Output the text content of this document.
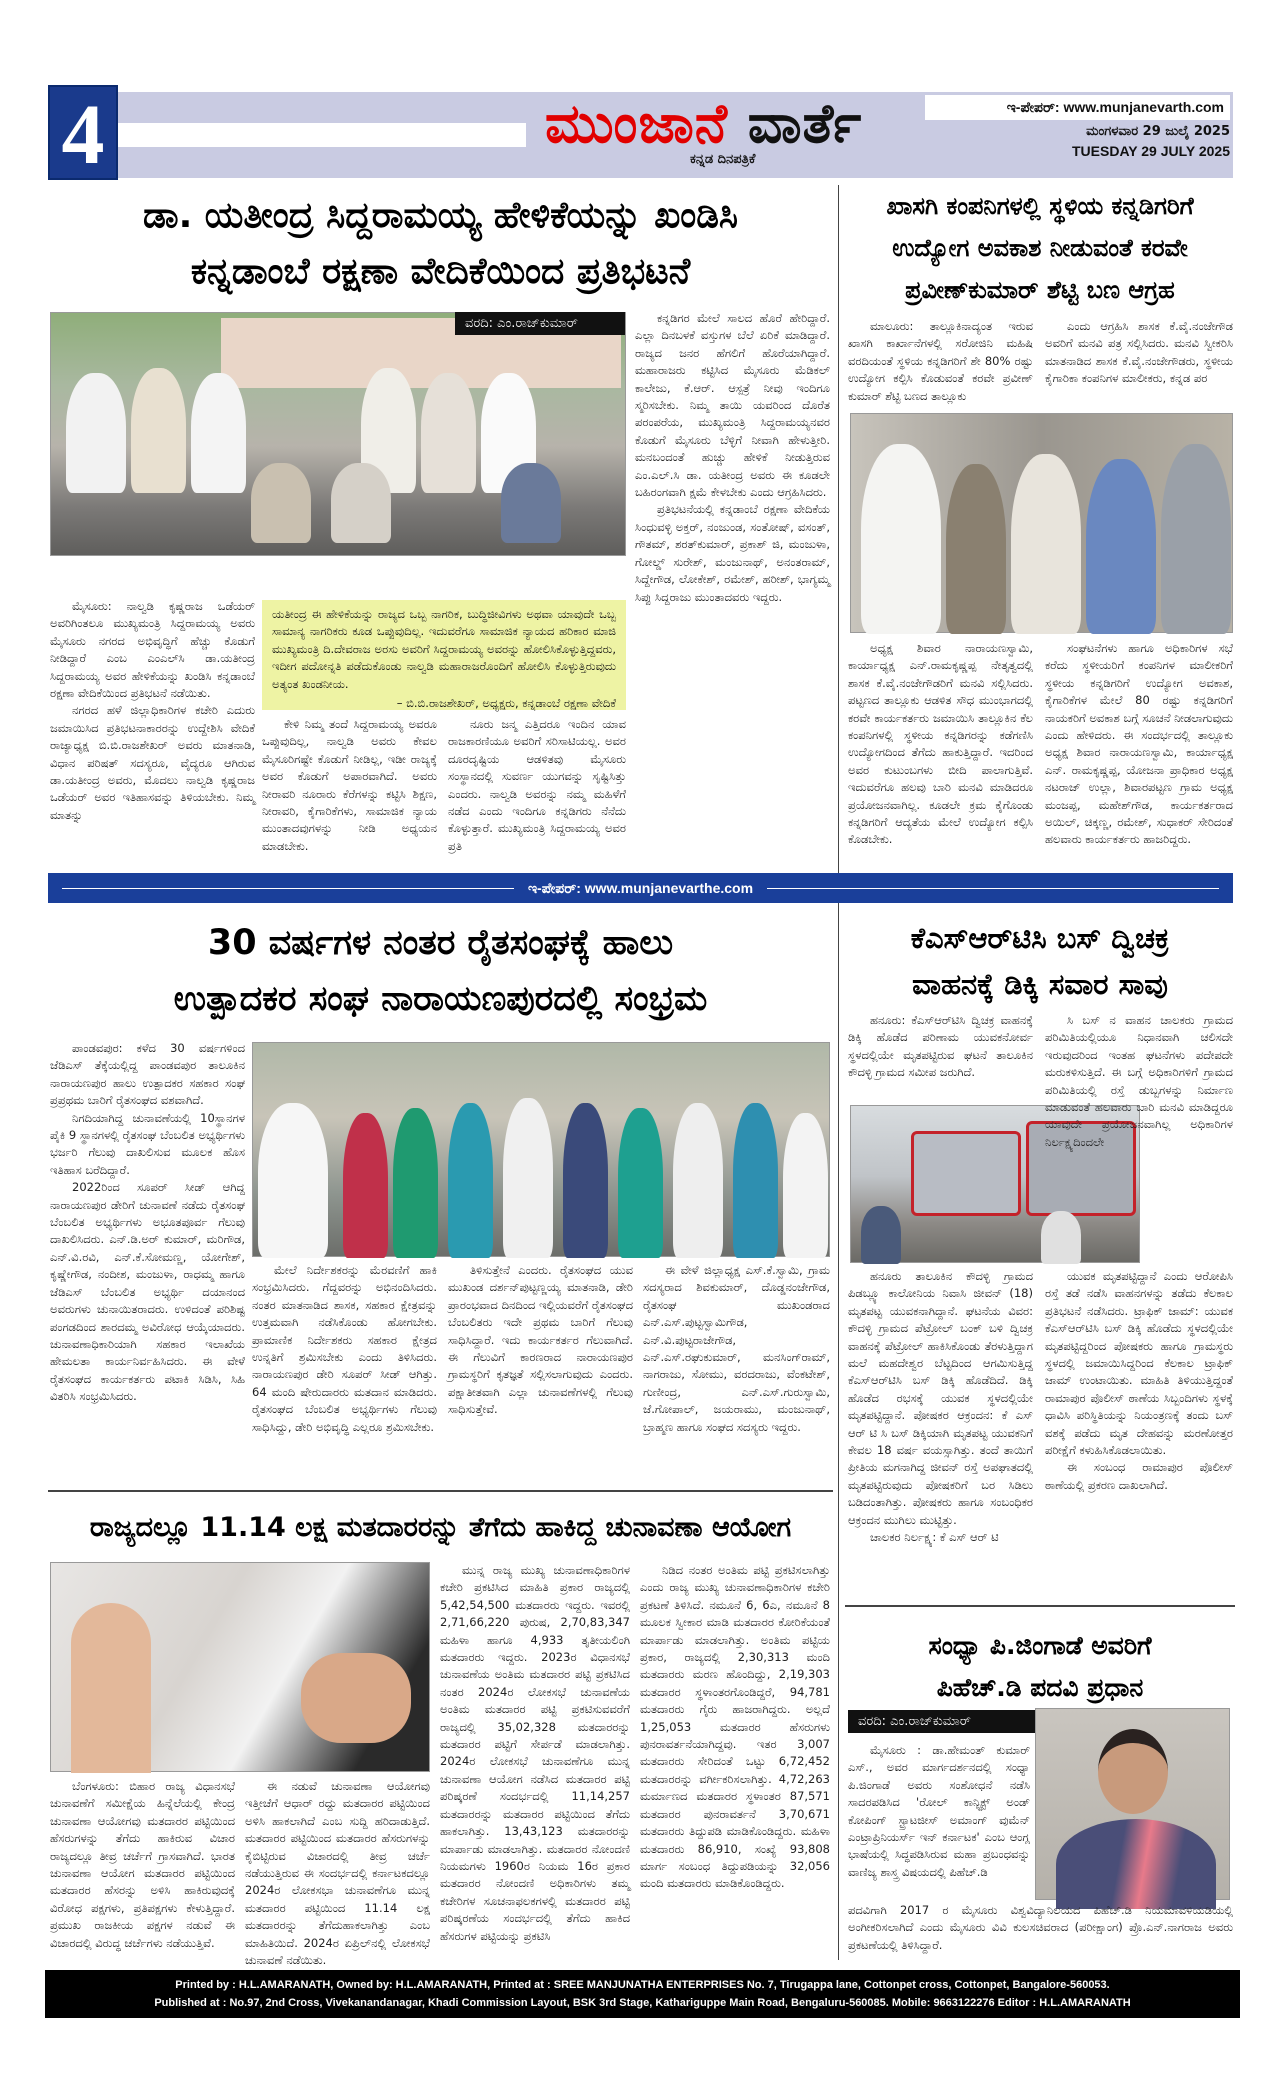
4	ಮುಂಜಾನೆ ವಾರ್ತೆ
ಕನ್ನಡ ದಿನಪತ್ರಿಕೆ
ಇ-ಪೇಪರ್: www.munjanevarth.com
ಮಂಗಳವಾರ 29 ಜುಲೈ 2025
TUESDAY 29 JULY 2025
ಡಾ. ಯತೀಂದ್ರ ಸಿದ್ದರಾಮಯ್ಯ ಹೇಳಿಕೆಯನ್ನು ಖಂಡಿಸಿ
ಕನ್ನಡಾಂಬೆ ರಕ್ಷಣಾ ವೇದಿಕೆಯಿಂದ ಪ್ರತಿಭಟನೆ
ವರದಿ: ಎಂ.ರಾಜ್‌ಕುಮಾರ್

ಮೈಸೂರು: ನಾಲ್ವಡಿ ಕೃಷ್ಣರಾಜ ಒಡೆಯರ್ ಅವರಿಗಿಂತಲೂ ಮುಖ್ಯಮಂತ್ರಿ ಸಿದ್ದರಾಮಯ್ಯ ಅವರು ಮೈಸೂರು ನಗರದ ಅಭಿವೃದ್ಧಿಗೆ ಹೆಚ್ಚು ಕೊಡುಗೆ ನೀಡಿದ್ದಾರೆ ಎಂಬ ಎಂಎಲ್‌ಸಿ ಡಾ.ಯತೀಂದ್ರ ಸಿದ್ದರಾಮಯ್ಯ ಅವರ ಹೇಳಿಕೆಯನ್ನು ಖಂಡಿಸಿ ಕನ್ನಡಾಂಬೆ ರಕ್ಷಣಾ ವೇದಿಕೆಯಿಂದ ಪ್ರತಿಭಟನೆ ನಡೆಯಿತು.

ನಗರದ ಹಳೆ ಜಿಲ್ಲಾಧಿಕಾರಿಗಳ ಕಚೇರಿ ಎದುರು ಜಮಾಯಿಸಿದ ಪ್ರತಿಭಟನಾಕಾರರನ್ನು ಉದ್ದೇಶಿಸಿ ವೇದಿಕೆ ರಾಜ್ಯಾಧ್ಯಕ್ಷ ಬಿ.ಬಿ.ರಾಜಶೇಖರ್ ಅವರು ಮಾತನಾಡಿ, ವಿಧಾನ ಪರಿಷತ್ ಸದಸ್ಯರೂ, ವೈದ್ಯರೂ ಆಗಿರುವ ಡಾ.ಯತೀಂದ್ರ ಅವರು, ಮೊದಲು ನಾಲ್ವಡಿ ಕೃಷ್ಣರಾಜ ಒಡೆಯರ್ ಅವರ ಇತಿಹಾಸವನ್ನು ತಿಳಿಯಬೇಕು. ನಿಮ್ಮ ಮಾತನ್ನು

ಯತೀಂದ್ರ ಈ ಹೇಳಿಕೆಯನ್ನು ರಾಜ್ಯದ ಒಬ್ಬ ನಾಗರಿಕ, ಬುದ್ಧಿಜೀವಿಗಳು ಅಥವಾ ಯಾವುದೇ ಒಬ್ಬ ಸಾಮಾನ್ಯ ನಾಗರಿಕರು ಕೂಡ ಒಪ್ಪುವುದಿಲ್ಲ. ಇದುವರೆಗೂ ಸಾಮಾಜಿಕ ನ್ಯಾಯದ ಹರಿಕಾರ ಮಾಜಿ ಮುಖ್ಯಮಂತ್ರಿ ದಿ.ದೇವರಾಜ ಅರಸು ಅವರಿಗೆ ಸಿದ್ದರಾಮಯ್ಯ ಅವರನ್ನು ಹೋಲಿಸಿಕೊಳ್ಳುತ್ತಿದ್ದವರು, ಇದೀಗ ಪದೋನ್ನತಿ ಪಡೆದುಕೊಂಡು ನಾಲ್ವಡಿ ಮಹಾರಾಜರೊಂದಿಗೆ ಹೋಲಿಸಿ ಕೊಳ್ಳುತ್ತಿರುವುದು ಅತ್ಯಂತ ಖಂಡನೀಯ.
– ಬಿ.ಬಿ.ರಾಜಶೇಖರ್, ಅಧ್ಯಕ್ಷರು, ಕನ್ನಡಾಂಬೆ ರಕ್ಷಣಾ ವೇದಿಕೆ

ಕೇಳಿ ನಿಮ್ಮ ತಂದೆ ಸಿದ್ದರಾಮಯ್ಯ ಅವರೂ ಒಪ್ಪುವುದಿಲ್ಲ, ನಾಲ್ವಡಿ ಅವರು ಕೇವಲ ಮೈಸೂರಿಗಷ್ಟೇ ಕೊಡುಗೆ ನೀಡಿಲ್ಲ, ಇಡೀ ರಾಜ್ಯಕ್ಕೆ ಅವರ ಕೊಡುಗೆ ಅಪಾರವಾಗಿದೆ. ಅವರು ನೀರಾವರಿ ನೂರಾರು ಕೆರೆಗಳನ್ನು ಕಟ್ಟಿಸಿ ಶಿಕ್ಷಣ, ನೀರಾವರಿ, ಕೈಗಾರಿಕೆಗಳು, ಸಾಮಾಜಿಕ ನ್ಯಾಯ ಮುಂತಾದವುಗಳನ್ನು ನೀಡಿ ಅಧ್ಯಯನ ಮಾಡಬೇಕು.

ನೂರು ಜನ್ಮ ಎತ್ತಿದರೂ ಇಂದಿನ ಯಾವ ರಾಜಕಾರಣಿಯೂ ಅವರಿಗೆ ಸರಿಸಾಟಿಯಲ್ಲ. ಅವರ ದೂರದೃಷ್ಟಿಯ ಆಡಳಿತವು ಮೈಸೂರು ಸಂಸ್ಥಾನದಲ್ಲಿ ಸುವರ್ಣ ಯುಗವನ್ನು ಸೃಷ್ಟಿಸಿತ್ತು ಎಂದರು. ನಾಲ್ವಡಿ ಅವರನ್ನು ನಮ್ಮ ಮಹಿಳೆಗೆ ನಡೆದ ಎಂದು ಇಂದಿಗೂ ಕನ್ನಡಿಗರು ನೆನೆದು ಕೊಳ್ಳುತ್ತಾರೆ. ಮುಖ್ಯಮಂತ್ರಿ ಸಿದ್ದರಾಮಯ್ಯ ಅವರ ಪ್ರತಿ

ಕನ್ನಡಿಗರ ಮೇಲೆ ಸಾಲದ ಹೊರೆ ಹೇರಿದ್ದಾರೆ. ಎಲ್ಲಾ ದಿನಬಳಕೆ ವಸ್ತುಗಳ ಬೆಲೆ ಏರಿಕೆ ಮಾಡಿದ್ದಾರೆ. ರಾಜ್ಯದ ಜನರ ಹೆಗಲಿಗೆ ಹೊರೆಯಾಗಿದ್ದಾರೆ. ಮಹಾರಾಜರು ಕಟ್ಟಿಸಿದ ಮೈಸೂರು ಮೆಡಿಕಲ್ ಕಾಲೇಜು, ಕೆ.ಆರ್. ಆಸ್ಪತ್ರೆ ನೀವು ಇಂದಿಗೂ ಸ್ಮರಿಸಬೇಕು. ನಿಮ್ಮ ತಾಯಿ ಯವರಿಂದ ದೊರೆತ ಪರಂಪರೆಯ, ಮುಖ್ಯಮಂತ್ರಿ ಸಿದ್ದರಾಮಯ್ಯನವರ ಕೊಡುಗೆ ಮೈಸೂರು ಬೆಳ್ಳಿಗೆ ನೀವಾಗಿ ಹೇಳುತ್ತೀರಿ. ಮನಬಂದಂತೆ ಹುಚ್ಚು ಹೇಳಿಕೆ ನೀಡುತ್ತಿರುವ ಎಂ.ಎಲ್.ಸಿ ಡಾ. ಯತೀಂದ್ರ ಅವರು ಈ ಕೂಡಲೇ ಬಹಿರಂಗವಾಗಿ ಕ್ಷಮೆ ಕೇಳಬೇಕು ಎಂದು ಆಗ್ರಹಿಸಿದರು.

ಪ್ರತಿಭಟನೆಯಲ್ಲಿ ಕನ್ನಡಾಂಬೆ ರಕ್ಷಣಾ ವೇದಿಕೆಯ ಸಿಂಧುವಳ್ಳಿ ಅಕ್ತರ್, ನಂಜುಂಡ, ಸಂತೋಷ್, ವಸಂತ್, ಗೌತಮ್, ಶರತ್‌ಕುಮಾರ್, ಪ್ರಕಾಶ್ ಜಿ, ಮಂಜುಳಾ, ಗೋಲ್ಡ್ ಸುರೇಶ್, ಮಂಜುನಾಥ್, ಅನಂತರಾಮ್, ಸಿದ್ದೇಗೌಡ, ಲೋಕೇಶ್, ರಮೇಶ್, ಹರೀಶ್, ಭಾಗ್ಯಮ್ಮ ಸಿಪ್ಪು ಸಿದ್ದರಾಜು ಮುಂತಾದವರು ಇದ್ದರು.

ಖಾಸಗಿ ಕಂಪನಿಗಳಲ್ಲಿ ಸ್ಥಳಿಯ ಕನ್ನಡಿಗರಿಗೆ
ಉದ್ಯೋಗ ಅವಕಾಶ ನೀಡುವಂತೆ ಕರವೇ
ಪ್ರವೀಣ್‌ಕುಮಾರ್ ಶೆಟ್ಟಿ ಬಣ ಆಗ್ರಹ

ಮಾಲೂರು: ತಾಲ್ಲೂಕಿನಾದ್ಯಂತ ಇರುವ ಖಾಸಗಿ ಕಾರ್ಖಾನೆಗಳಲ್ಲಿ ಸರೋಜಿನಿ ಮಹಿಷಿ ವರದಿಯಂತೆ ಸ್ಥಳಿಯ ಕನ್ನಡಿಗರಿಗೆ ಶೇ 80% ರಷ್ಟು ಉದ್ಯೋಗ ಕಲ್ಪಿಸಿ ಕೊಡುವಂತೆ ಕರವೇ ಪ್ರವೀಣ್ ಕುಮಾರ್ ಶೆಟ್ಟಿ ಬಣದ ತಾಲ್ಲೂಕು

ಎಂದು ಆಗ್ರಹಿಸಿ ಶಾಸಕ ಕೆ.ವೈ.ನಂಜೇಗೌಡ ಅವರಿಗೆ ಮನವಿ ಪತ್ರ ಸಲ್ಲಿಸಿದರು. ಮನವಿ ಸ್ವೀಕರಿಸಿ ಮಾತನಾಡಿದ ಶಾಸಕ ಕೆ.ವೈ.ನಂಜೇಗೌಡರು, ಸ್ಥಳೀಯ ಕೈಗಾರಿಕಾ ಕಂಪನಿಗಳ ಮಾಲೀಕರು, ಕನ್ನಡ ಪರ

ಅಧ್ಯಕ್ಷ ಶಿವಾರ ನಾರಾಯಣಸ್ವಾಮಿ, ಕಾರ್ಯಾಧ್ಯಕ್ಷ ಎನ್.ರಾಮಕೃಷ್ಣಪ್ಪ ನೇತೃತ್ವದಲ್ಲಿ ಶಾಸಕ ಕೆ.ವೈ.ನಂಜೇಗೌಡರಿಗೆ ಮನವಿ ಸಲ್ಲಿಸಿದರು. ಪಟ್ಟಣದ ತಾಲ್ಲೂಕು ಆಡಳಿತ ಸೌಧ ಮುಂಭಾಗದಲ್ಲಿ ಕರವೇ ಕಾರ್ಯಕರ್ತರು ಜಮಾಯಿಸಿ ತಾಲ್ಲೂಕಿನ ಕೆಲ ಕಂಪನಿಗಳಲ್ಲಿ ಸ್ಥಳೀಯ ಕನ್ನಡಿಗರನ್ನು ಕಡೆಗಣಿಸಿ ಉದ್ಯೋಗದಿಂದ ತೆಗೆದು ಹಾಕುತ್ತಿದ್ದಾರೆ. ಇದರಿಂದ ಅವರ ಕುಟುಂಬಗಳು ಬೀದಿ ಪಾಲಾಗುತ್ತಿವೆ. ಇದುವರೆಗೂ ಹಲವು ಬಾರಿ ಮನವಿ ಮಾಡಿದರೂ ಪ್ರಯೋಜನವಾಗಿಲ್ಲ. ಕೂಡಲೇ ಕ್ರಮ ಕೈಗೊಂಡು ಕನ್ನಡಿಗರಿಗೆ ಆದ್ಯತೆಯ ಮೇಲೆ ಉದ್ಯೋಗ ಕಲ್ಪಿಸಿ ಕೊಡಬೇಕು.

ಸಂಘಟನೆಗಳು ಹಾಗೂ ಅಧಿಕಾರಿಗಳ ಸಭೆ ಕರೆದು ಸ್ಥಳೀಯರಿಗೆ ಕಂಪನಿಗಳ ಮಾಲೀಕರಿಗೆ ಸ್ಥಳೀಯ ಕನ್ನಡಿಗರಿಗೆ ಉದ್ಯೋಗ ಅವಕಾಶ, ಕೈಗಾರಿಕೆಗಳ ಮೇಲೆ 80 ರಷ್ಟು ಕನ್ನಡಿಗರಿಗೆ ನಾಯಕರಿಗೆ ಅವಕಾಶ ಬಗ್ಗೆ ಸೂಚನೆ ನೀಡಲಾಗುವುದು ಎಂದು ಹೇಳಿದರು. ಈ ಸಂದರ್ಭದಲ್ಲಿ ತಾಲ್ಲೂಕು ಅಧ್ಯಕ್ಷ ಶಿವಾರ ನಾರಾಯಣಸ್ವಾಮಿ, ಕಾರ್ಯಾಧ್ಯಕ್ಷ ಎನ್. ರಾಮಕೃಷ್ಣಪ್ಪ, ಯೋಜನಾ ಪ್ರಾಧಿಕಾರ ಅಧ್ಯಕ್ಷ ನಟರಾಜ್ ಉಲ್ಲಾ, ಶಿವಾರಪಟ್ಟಣ ಗ್ರಾಮ ಅಧ್ಯಕ್ಷ ಮಂಜಪ್ಪ, ಮಹೇಶ್‌ಗೌಡ, ಕಾರ್ಯಕರ್ತರಾದ ಅಯಿಲ್, ಚಿಕ್ಕಣ್ಣ, ರಮೇಶ್, ಸುಧಾಕರ್ ಸೇರಿದಂತೆ ಹಲವಾರು ಕಾರ್ಯಕರ್ತರು ಹಾಜರಿದ್ದರು.

ಇ-ಪೇಪರ್: www.munjanevarthe.com
30 ವರ್ಷಗಳ ನಂತರ ರೈತಸಂಘಕ್ಕೆ ಹಾಲು
ಉತ್ಪಾದಕರ ಸಂಘ ನಾರಾಯಣಪುರದಲ್ಲಿ ಸಂಭ್ರಮ

ಪಾಂಡವಪುರ: ಕಳೆದ 30 ವರ್ಷಗಳಿಂದ ಜೆಡಿಎಸ್ ತೆಕ್ಕೆಯಲ್ಲಿದ್ದ ಪಾಂಡವಪುರ ತಾಲೂಕಿನ ನಾರಾಯಣಪುರ ಹಾಲು ಉತ್ಪಾದಕರ ಸಹಕಾರ ಸಂಘ ಪ್ರಪ್ರಥಮ ಬಾರಿಗೆ ರೈತಸಂಘದ ವಶವಾಗಿದೆ.

ನಿಗದಿಯಾಗಿದ್ದ ಚುನಾವಣೆಯಲ್ಲಿ 10ಸ್ಥಾನಗಳ ಪೈಕಿ 9 ಸ್ಥಾನಗಳಲ್ಲಿ ರೈತಸಂಘ ಬೆಂಬಲಿತ ಅಭ್ಯರ್ಥಿಗಳು ಭರ್ಜರಿ ಗೆಲುವು ದಾಖಲಿಸುವ ಮೂಲಕ ಹೊಸ ಇತಿಹಾಸ ಬರೆದಿದ್ದಾರೆ.

2022ರಿಂದ ಸೂಪರ್ ಸೀಡ್ ಆಗಿದ್ದ ನಾರಾಯಣಪುರ ಡೇರಿಗೆ ಚುನಾವಣೆ ನಡೆದು ರೈತಸಂಘ ಬೆಂಬಲಿತ ಅಭ್ಯರ್ಥಿಗಳು ಅಭೂತಪೂರ್ವ ಗೆಲುವು ದಾಖಲಿಸಿದರು. ಎನ್.ಡಿ.ಅರ್ ಕುಮಾರ್, ಮರಿಗೌಡ, ಎನ್.ವಿ.ರವಿ, ಎನ್.ಕೆ.ಸೋಮಣ್ಣ, ಯೋಗೇಶ್, ಕೃಷ್ಣೇಗೌಡ, ನಂದೀಶ, ಮಂಜುಳಾ, ರಾಧಮ್ಮ ಹಾಗೂ ಜೆಡಿಎಸ್ ಬೆಂಬಲಿತ ಅಭ್ಯರ್ಥಿ ದಯಾನಂದ ಅವರುಗಳು ಚುನಾಯಿತರಾದರು. ಉಳಿದಂತೆ ಪರಿಶಿಷ್ಟ ಪಂಗಡದಿಂದ ಶಾರದಮ್ಮ ಅವಿರೋಧ ಆಯ್ಕೆಯಾದರು. ಚುನಾವಣಾಧಿಕಾರಿಯಾಗಿ ಸಹಕಾರ ಇಲಾಖೆಯ ಹೇಮಲತಾ ಕಾರ್ಯನಿರ್ವಹಿಸಿದರು. ಈ ವೇಳೆ ರೈತಸಂಘದ ಕಾರ್ಯಕರ್ತರು ಪಟಾಕಿ ಸಿಡಿಸಿ, ಸಿಹಿ ವಿತರಿಸಿ ಸಂಭ್ರಮಿಸಿದರು.

ಮೇಲೆ ನಿರ್ದೇಶಕರನ್ನು ಮೆರವಣಿಗೆ ಹಾಕಿ ಸಂಭ್ರಮಿಸಿದರು. ಗೆದ್ದವರನ್ನು ಅಭಿನಂದಿಸಿದರು. ನಂತರ ಮಾತನಾಡಿದ ಶಾಸಕ, ಸಹಕಾರ ಕ್ಷೇತ್ರವನ್ನು ಉತ್ತಮವಾಗಿ ನಡೆಸಿಕೊಂಡು ಹೋಗಬೇಕು. ಪ್ರಾಮಾಣಿಕ ನಿರ್ದೇಶಕರು ಸಹಕಾರ ಕ್ಷೇತ್ರದ ಉನ್ನತಿಗೆ ಶ್ರಮಿಸಬೇಕು ಎಂದು ತಿಳಿಸಿದರು. ನಾರಾಯಣಪುರ ಡೇರಿ ಸೂಪರ್ ಸೀಡ್ ಆಗಿತ್ತು. 64 ಮಂದಿ ಷೇರುದಾರರು ಮತದಾನ ಮಾಡಿದರು. ರೈತಸಂಘದ ಬೆಂಬಲಿತ ಅಭ್ಯರ್ಥಿಗಳು ಗೆಲುವು ಸಾಧಿಸಿದ್ದು, ಡೇರಿ ಅಭಿವೃದ್ಧಿ ಎಲ್ಲರೂ ಶ್ರಮಿಸಬೇಕು.

ತಿಳಿಸುತ್ತೇನೆ ಎಂದರು. ರೈತಸಂಘದ ಯುವ ಮುಖಂಡ ದರ್ಶನ್‌ಪುಟ್ಟಣ್ಣಯ್ಯ ಮಾತನಾಡಿ, ಡೇರಿ ಪ್ರಾರಂಭವಾದ ದಿನದಿಂದ ಇಲ್ಲಿಯವರೆಗೆ ರೈತಸಂಘದ ಬೆಂಬಲಿತರು ಇದೇ ಪ್ರಥಮ ಬಾರಿಗೆ ಗೆಲುವು ಸಾಧಿಸಿದ್ದಾರೆ. ಇದು ಕಾರ್ಯಕರ್ತರ ಗೆಲುವಾಗಿದೆ. ಈ ಗೆಲುವಿಗೆ ಕಾರಣರಾದ ನಾರಾಯಣಪುರ ಗ್ರಾಮಸ್ಥರಿಗೆ ಕೃತಜ್ಞತೆ ಸಲ್ಲಿಸಲಾಗುವುದು ಎಂದರು. ಪಕ್ಷಾತೀತವಾಗಿ ಎಲ್ಲಾ ಚುನಾವಣೆಗಳಲ್ಲಿ ಗೆಲುವು ಸಾಧಿಸುತ್ತೇವೆ.

ಈ ವೇಳೆ ಜಿಲ್ಲಾಧ್ಯಕ್ಷ ಎಸ್.ಕೆ.ಸ್ವಾಮಿ, ಗ್ರಾಮ ಸದಸ್ಯರಾದ ಶಿವಕುಮಾರ್, ದೊಡ್ಡನಂಜೇಗೌಡ, ರೈತಸಂಘ ಮುಖಂಡರಾದ ಎನ್.ಎಸ್.ಪುಟ್ಟಸ್ವಾಮಿಗೌಡ, ಎನ್.ವಿ.ಪುಟ್ಟರಾಜೇಗೌಡ, ಎನ್.ಎಸ್.ರಘುಕುಮಾರ್, ಮನಸಿಂಗ್‌ರಾಮ್, ನಾಗರಾಜು, ಸೋಮು, ವರದರಾಜು, ವೆಂಕಟೇಶ್, ಗುಣೀಂದ್ರ, ಎನ್.ಎಸ್.ಗುರುಸ್ವಾಮಿ, ಜೆ.ಗೋಪಾಲ್, ಜಯರಾಮು, ಮಂಜುನಾಥ್, ಬ್ರಾಹ್ಮಣ ಹಾಗೂ ಸಂಘದ ಸದಸ್ಯರು ಇದ್ದರು.

ಕೆಎಸ್‌ಆರ್‌ಟಿಸಿ ಬಸ್ ದ್ವಿಚಕ್ರ
ವಾಹನಕ್ಕೆ ಡಿಕ್ಕಿ ಸವಾರ ಸಾವು

ಹನೂರು: ಕೆಎಸ್‌ಆರ್‌ಟಿಸಿ ದ್ವಿಚಕ್ರ ವಾಹನಕ್ಕೆ ಡಿಕ್ಕಿ ಹೊಡೆದ ಪರಿಣಾಮ ಯುವಕನೋರ್ವ ಸ್ಥಳದಲ್ಲಿಯೇ ಮೃತಪಟ್ಟಿರುವ ಘಟನೆ ತಾಲೂಕಿನ ಕೌದಳ್ಳಿ ಗ್ರಾಮದ ಸಮೀಪ ಜರುಗಿದೆ.

ಸಿ ಬಸ್ ನ ವಾಹನ ಚಾಲಕರು ಗ್ರಾಮದ ಪರಿಮಿತಿಯಲ್ಲಿಯೂ ನಿಧಾನವಾಗಿ ಚಲಿಸದೇ ಇರುವುದರಿಂದ ಇಂತಹ ಘಟನೆಗಳು ಪದೇಪದೇ ಮರುಕಳಿಸುತ್ತಿದೆ. ಈ ಬಗ್ಗೆ ಅಧಿಕಾರಿಗಳಿಗೆ ಗ್ರಾಮದ ಪರಿಮಿತಿಯಲ್ಲಿ ರಸ್ತೆ ಡುಬ್ಬಗಳನ್ನು ನಿರ್ಮಾಣ ಮಾಡುವಂತೆ ಹಲವಾರು ಬಾರಿ ಮನವಿ ಮಾಡಿದ್ದರೂ ಯಾವುದೇ ಪ್ರಯೋಜನವಾಗಿಲ್ಲ ಅಧಿಕಾರಿಗಳ ನಿರ್ಲಕ್ಷ್ಯದಿಂದಲೇ

ಹನೂರು ತಾಲೂಕಿನ ಕೌದಳ್ಳಿ ಗ್ರಾಮದ ಪಿಡಬ್ಲ್ಯೂ ಕಾಲೋನಿಯ ನಿವಾಸಿ ಜೀವನ್ (18) ಮೃತಪಟ್ಟ ಯುವಕನಾಗಿದ್ದಾನೆ. ಘಟನೆಯ ವಿವರ: ಕೌದಳ್ಳಿ ಗ್ರಾಮದ ಪೆಟ್ರೋಲ್ ಬಂಕ್ ಬಳಿ ದ್ವಿಚಕ್ರ ವಾಹನಕ್ಕೆ ಪೆಟ್ರೋಲ್ ಹಾಕಿಸಿಕೊಂಡು ತೆರಳುತ್ತಿದ್ದಾಗ ಮಲೆ ಮಹದೇಶ್ವರ ಬೆಟ್ಟದಿಂದ ಆಗಮಿಸುತ್ತಿದ್ದ ಕೆಎಸ್‌ಆರ್‌ಟಿಸಿ ಬಸ್ ಡಿಕ್ಕಿ ಹೊಡೆದಿದೆ. ಡಿಕ್ಕಿ ಹೊಡೆದ ರಭಸಕ್ಕೆ ಯುವಕ ಸ್ಥಳದಲ್ಲಿಯೇ ಮೃತಪಟ್ಟಿದ್ದಾನೆ. ಪೋಷಕರ ಆಕ್ರಂದನ: ಕೆ ಎಸ್ ಆರ್ ಟಿ ಸಿ ಬಸ್ ಡಿಕ್ಕಿಯಾಗಿ ಮೃತಪಟ್ಟ ಯುವಕನಿಗೆ ಕೇವಲ 18 ವರ್ಷ ವಯಸ್ಸಾಗಿತ್ತು. ತಂದೆ ತಾಯಿಗೆ ಪ್ರೀತಿಯ ಮಗನಾಗಿದ್ದ ಜೀವನ್ ರಸ್ತೆ ಅಪಘಾತದಲ್ಲಿ ಮೃತಪಟ್ಟಿರುವುದು ಪೋಷಕರಿಗೆ ಬರ ಸಿಡಿಲು ಬಡಿದಂತಾಗಿತ್ತು. ಪೋಷಕರು ಹಾಗೂ ಸಂಬಂಧಿಕರ ಆಕ್ರಂದನ ಮುಗಿಲು ಮುಟ್ಟಿತ್ತು.

ಚಾಲಕರ ನಿರ್ಲಕ್ಷ್ಯ: ಕೆ ಎಸ್ ಆರ್ ಟಿ

ಯುವಕ ಮೃತಪಟ್ಟಿದ್ದಾನೆ ಎಂದು ಆರೋಪಿಸಿ ರಸ್ತೆ ತಡೆ ನಡೆಸಿ ವಾಹನಗಳನ್ನು ತಡೆದು ಕೆಲಕಾಲ ಪ್ರತಿಭಟನೆ ನಡೆಸಿದರು. ಟ್ರಾಫಿಕ್ ಜಾಮ್: ಯುವಕ ಕೆಎಸ್‌ಆರ್‌ಟಿಸಿ ಬಸ್ ಡಿಕ್ಕಿ ಹೊಡೆದು ಸ್ಥಳದಲ್ಲಿಯೇ ಮೃತಪಟ್ಟಿದ್ದರಿಂದ ಪೋಷಕರು ಹಾಗೂ ಗ್ರಾಮಸ್ಥರು ಸ್ಥಳದಲ್ಲಿ ಜಮಾಯಿಸಿದ್ದರಿಂದ ಕೆಲಕಾಲ ಟ್ರಾಫಿಕ್ ಜಾಮ್ ಉಂಟಾಯಿತು. ಮಾಹಿತಿ ತಿಳಿಯುತ್ತಿದ್ದಂತೆ ರಾಮಾಪುರ ಪೊಲೀಸ್ ಠಾಣೆಯ ಸಿಬ್ಬಂದಿಗಳು ಸ್ಥಳಕ್ಕೆ ಧಾವಿಸಿ ಪರಿಸ್ಥಿತಿಯನ್ನು ನಿಯಂತ್ರಣಕ್ಕೆ ತಂದು ಬಸ್ ವಶಕ್ಕೆ ಪಡೆದು ಮೃತ ದೇಹವನ್ನು ಮರಣೋತ್ತರ ಪರೀಕ್ಷೆಗೆ ಕಳುಹಿಸಿಕೊಡಲಾಯಿತು.

ಈ ಸಂಬಂಧ ರಾಮಾಪುರ ಪೊಲೀಸ್ ಠಾಣೆಯಲ್ಲಿ ಪ್ರಕರಣ ದಾಖಲಾಗಿದೆ.

ರಾಜ್ಯದಲ್ಲೂ 11.14 ಲಕ್ಷ ಮತದಾರರನ್ನು ತೆಗೆದು ಹಾಕಿದ್ದ ಚುನಾವಣಾ ಆಯೋಗ

ಬೆಂಗಳೂರು: ಬಿಹಾರ ರಾಜ್ಯ ವಿಧಾನಸಭೆ ಚುನಾವಣೆಗೆ ಸಮೀಕ್ಷೆಯ ಹಿನ್ನೆಲೆಯಲ್ಲಿ ಕೇಂದ್ರ ಚುನಾವಣಾ ಆಯೋಗವು ಮತದಾರರ ಪಟ್ಟಿಯಿಂದ ಹೆಸರುಗಳನ್ನು ತೆಗೆದು ಹಾಕಿರುವ ವಿಚಾರ ರಾಜ್ಯದಲ್ಲೂ ತೀವ್ರ ಚರ್ಚೆಗೆ ಗ್ರಾಸವಾಗಿದೆ. ಭಾರತ ಚುನಾವಣಾ ಆಯೋಗ ಮತದಾರರ ಪಟ್ಟಿಯಿಂದ ಮತದಾರರ ಹೆಸರನ್ನು ಅಳಿಸಿ ಹಾಕಿರುವುದಕ್ಕೆ ವಿರೋಧ ಪಕ್ಷಗಳು, ಪ್ರತಿಪಕ್ಷಗಳು ಕೇಳುತ್ತಿದ್ದಾರೆ. ಪ್ರಮುಖ ರಾಜಕೀಯ ಪಕ್ಷಗಳ ನಡುವೆ ಈ ವಿಚಾರದಲ್ಲಿ ವಿರುದ್ಧ ಚರ್ಚೆಗಳು ನಡೆಯುತ್ತಿವೆ.

ಈ ನಡುವೆ ಚುನಾವಣಾ ಆಯೋಗವು ಇತ್ತೀಚೆಗೆ ಆಧಾರ್ ರದ್ದು ಮತದಾರರ ಪಟ್ಟಿಯಿಂದ ಅಳಿಸಿ ಹಾಕಲಾಗಿದೆ ಎಂಬ ಸುದ್ದಿ ಹರಿದಾಡುತ್ತಿದೆ. ಮತದಾರರ ಪಟ್ಟಿಯಿಂದ ಮತದಾರರ ಹೆಸರುಗಳನ್ನು ಕೈಬಿಟ್ಟಿರುವ ವಿಚಾರದಲ್ಲಿ ತೀವ್ರ ಚರ್ಚೆ ನಡೆಯುತ್ತಿರುವ ಈ ಸಂದರ್ಭದಲ್ಲಿ ಕರ್ನಾಟಕದಲ್ಲೂ 2024ರ ಲೋಕಸಭಾ ಚುನಾವಣೆಗೂ ಮುನ್ನ ಮತದಾರರ ಪಟ್ಟಿಯಿಂದ 11.14 ಲಕ್ಷ ಮತದಾರರನ್ನು ತೆಗೆದುಹಾಕಲಾಗಿತ್ತು ಎಂಬ ಮಾಹಿತಿಯಿದೆ. 2024ರ ಏಪ್ರಿಲ್‌ನಲ್ಲಿ ಲೋಕಸಭೆ ಚುನಾವಣೆ ನಡೆಯಿತು.

ಮುನ್ನ ರಾಜ್ಯ ಮುಖ್ಯ ಚುನಾವಣಾಧಿಕಾರಿಗಳ ಕಚೇರಿ ಪ್ರಕಟಿಸಿದ ಮಾಹಿತಿ ಪ್ರಕಾರ ರಾಜ್ಯದಲ್ಲಿ 5,42,54,500 ಮತದಾರರು ಇದ್ದರು. ಇವರಲ್ಲಿ 2,71,66,220 ಪುರುಷ, 2,70,83,347 ಮಹಿಳಾ ಹಾಗೂ 4,933 ತೃತೀಯಲಿಂಗಿ ಮತದಾರರು ಇದ್ದರು. 2023ರ ವಿಧಾನಸಭೆ ಚುನಾವಣೆಯ ಅಂತಿಮ ಮತದಾರರ ಪಟ್ಟಿ ಪ್ರಕಟಿಸಿದ ನಂತರ 2024ರ ಲೋಕಸಭೆ ಚುನಾವಣೆಯ ಅಂತಿಮ ಮತದಾರರ ಪಟ್ಟಿ ಪ್ರಕಟಿಸುವವರೆಗೆ ರಾಜ್ಯದಲ್ಲಿ 35,02,328 ಮತದಾರರನ್ನು ಮತದಾರರ ಪಟ್ಟಿಗೆ ಸೇರ್ಪಡೆ ಮಾಡಲಾಗಿತ್ತು. 2024ರ ಲೋಕಸಭೆ ಚುನಾವಣೆಗೂ ಮುನ್ನ ಚುನಾವಣಾ ಆಯೋಗ ನಡೆಸಿದ ಮತದಾರರ ಪಟ್ಟಿ ಪರಿಷ್ಕರಣೆ ಸಂದರ್ಭದಲ್ಲಿ 11,14,257 ಮತದಾರರನ್ನು ಮತದಾರರ ಪಟ್ಟಿಯಿಂದ ತೆಗೆದು ಹಾಕಲಾಗಿತ್ತು. 13,43,123 ಮತದಾರರನ್ನು ಮಾರ್ಪಾಡು ಮಾಡಲಾಗಿತ್ತು. ಮತದಾರರ ನೋಂದಣಿ ನಿಯಮಗಳು 1960ರ ನಿಯಮ 16ರ ಪ್ರಕಾರ ಮತದಾರರ ನೋಂದಣಿ ಅಧಿಕಾರಿಗಳು ತಮ್ಮ ಕಚೇರಿಗಳ ಸೂಚನಾಫಲಕಗಳಲ್ಲಿ ಮತದಾರರ ಪಟ್ಟಿ ಪರಿಷ್ಕರಣೆಯ ಸಂದರ್ಭದಲ್ಲಿ ತೆಗೆದು ಹಾಕಿದ ಹೆಸರುಗಳ ಪಟ್ಟಿಯನ್ನು ಪ್ರಕಟಿಸಿ

ನಿಡಿದ ನಂತರ ಅಂತಿಮ ಪಟ್ಟಿ ಪ್ರಕಟಿಸಲಾಗಿತ್ತು ಎಂದು ರಾಜ್ಯ ಮುಖ್ಯ ಚುನಾವಣಾಧಿಕಾರಿಗಳ ಕಚೇರಿ ಪ್ರಕಟಣೆ ತಿಳಿಸಿದೆ. ನಮೂನೆ 6, 6ಎ, ನಮೂನೆ 8 ಮೂಲಕ ಸ್ವೀಕಾರ ಮಾಡಿ ಮತದಾರರ ಕೋರಿಕೆಯಂತೆ ಮಾರ್ಪಾಡು ಮಾಡಲಾಗಿತ್ತು. ಅಂತಿಮ ಪಟ್ಟಿಯ ಪ್ರಕಾರ, ರಾಜ್ಯದಲ್ಲಿ 2,30,313 ಮಂದಿ ಮತದಾರರು ಮರಣ ಹೊಂದಿದ್ದು, 2,19,303 ಮತದಾರರ ಸ್ಥಳಾಂತರಗೊಂಡಿದ್ದರೆ, 94,781 ಮತದಾರರು ಗೈರು ಹಾಜರಾಗಿದ್ದರು. ಅಲ್ಲದೆ 1,25,053 ಮತದಾರರ ಹೆಸರುಗಳು ಪುನರಾವರ್ತನೆಯಾಗಿದ್ದವು. ಇತರ 3,007 ಮತದಾರರು ಸೇರಿದಂತೆ ಒಟ್ಟು 6,72,452 ಮತದಾರರನ್ನು ವರ್ಗೀಕರಿಸಲಾಗಿತ್ತು. 4,72,263 ಮರ್ಮಾಣದ ಮತದಾರರ ಸ್ಥಳಾಂತರ 87,571 ಮತದಾರರ ಪುನರಾವರ್ತನೆ 3,70,671 ಮತದಾರರು ತಿದ್ದುಪಡಿ ಮಾಡಿಕೊಂಡಿದ್ದರು. ಮಹಿಳಾ ಮತದಾರರು 86,910, ಸಂಖ್ಯೆ 93,808 ಮಾರ್ಗ ಸಂಬಂಧ ತಿದ್ದುಪಡಿಯನ್ನು 32,056 ಮಂದಿ ಮತದಾರರು ಮಾಡಿಕೊಂಡಿದ್ದರು.

ಸಂಧ್ಯಾ ಪಿ.ಜಿಂಗಾಡೆ ಅವರಿಗೆ
ಪಿಹೆಚ್.ಡಿ ಪದವಿ ಪ್ರಧಾನ
ವರದಿ: ಎಂ.ರಾಜ್‌ಕುಮಾರ್

ಮೈಸೂರು : ಡಾ.ಹೇಮಂತ್ ಕುಮಾರ್ ಎಸ್., ಅವರ ಮಾರ್ಗದರ್ಶನದಲ್ಲಿ ಸಂಧ್ಯಾ ಪಿ.ಜಿಂಗಾಡೆ ಅವರು ಸಂಶೋಧನೆ ನಡೆಸಿ ಸಾದರಪಡಿಸಿದ 'ರೋಲ್ ಕಾನ್ಫ್ಲಿಕ್ಟ್ ಅಂಡ್ ಕೋಪಿಂಗ್ ಸ್ಟ್ರಾಟಜೀಸ್ ಅಮಾಂಗ್ ವುಮೆನ್ ಎಂಟ್ರಾಪ್ರಿನಿಯರ್ಸ್ ಇನ್ ಕರ್ನಾಟಕ' ಎಂಬ ಆಂಗ್ಲ ಭಾಷೆಯಲ್ಲಿ ಸಿದ್ಧಪಡಿಸಿರುವ ಮಹಾ ಪ್ರಬಂಧವನ್ನು ವಾಣಿಜ್ಯ ಶಾಸ್ತ್ರ ವಿಷಯದಲ್ಲಿ ಪಿಹೆಚ್.ಡಿ

ಪದವಿಗಾಗಿ 2017 ರ ಮೈಸೂರು ವಿಶ್ವವಿದ್ಯಾನಿಲಯದ ಪಿಹೆಚ್.ಡಿ ನಿಯಮಾವಳಿಯಡಿಯಲ್ಲಿ ಅಂಗೀಕರಿಸಲಾಗಿದೆ ಎಂದು ಮೈಸೂರು ವಿವಿ ಕುಲಸಚಿವರಾದ (ಪರೀಕ್ಷಾಂಗ) ಪ್ರೊ.ಎನ್.ನಾಗರಾಜ ಅವರು ಪ್ರಕಟಣೆಯಲ್ಲಿ ತಿಳಿಸಿದ್ದಾರೆ.
Printed by : H.L.AMARANATH, Owned by: H.L.AMARANATH, Printed at : SREE MANJUNATHA ENTERPRISES No. 7, Tirugappa lane, Cottonpet cross, Cottonpet, Bangalore-560053.
Published at : No.97, 2nd Cross, Vivekanandanagar, Khadi Commission Layout, BSK 3rd Stage, Kathariguppe Main Road, Bengaluru-560085. Mobile: 9663122276 Editor : H.L.AMARANATH
